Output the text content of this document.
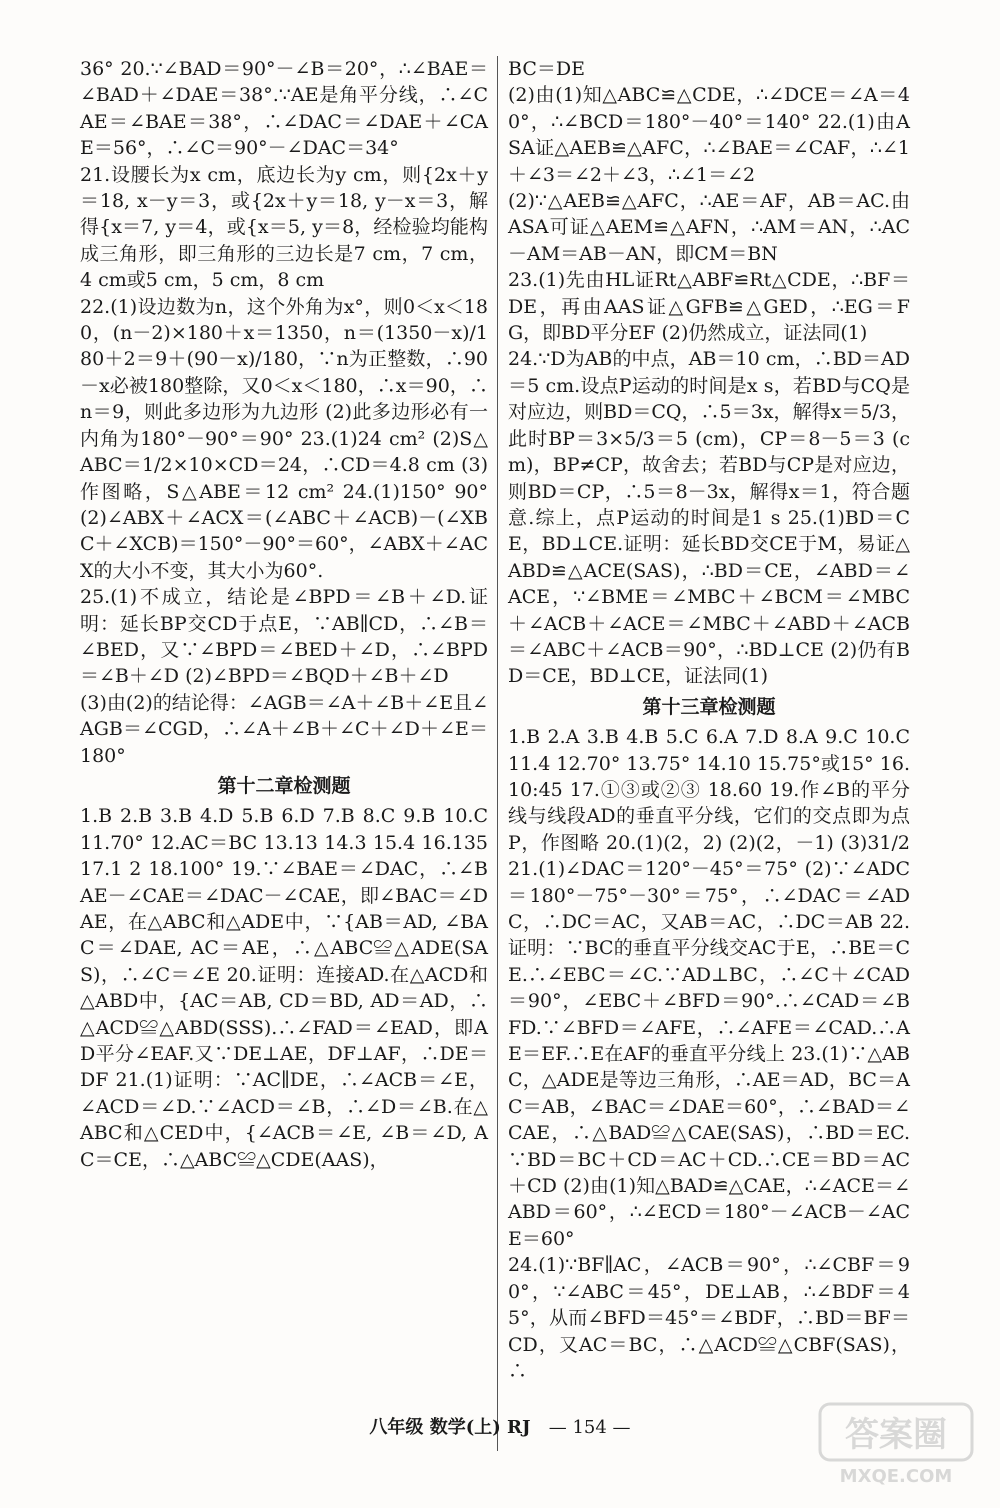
36° 20.∵∠BAD＝90°－∠B＝20°，∴∠BAE＝∠BAD＋∠DAE＝38°.∵AE是角平分线，∴∠CAE＝∠BAE＝38°，∴∠DAC＝∠DAE＋∠CAE＝56°，∴∠C＝90°－∠DAC＝34°
21.设腰长为x cm，底边长为y cm，则{2x＋y＝18, x－y＝3，或{2x＋y＝18, y－x＝3，解得{x＝7, y＝4，或{x＝5, y＝8，经检验均能构成三角形，即三角形的三边长是7 cm，7 cm，4 cm或5 cm，5 cm，8 cm
22.(1)设边数为n，这个外角为x°，则0＜x＜180，(n－2)×180＋x＝1350，n＝(1350－x)/180＋2＝9＋(90－x)/180，∵n为正整数，∴90－x必被180整除，又0＜x＜180，∴x＝90，∴n＝9，则此多边形为九边形 (2)此多边形必有一内角为180°－90°＝90° 23.(1)24 cm² (2)S△ABC＝1/2×10×CD＝24，∴CD＝4.8 cm (3)作图略，S△ABE＝12 cm² 24.(1)150° 90° (2)∠ABX＋∠ACX＝(∠ABC＋∠ACB)－(∠XBC＋∠XCB)＝150°－90°＝60°，∠ABX＋∠ACX的大小不变，其大小为60°.
25.(1)不成立，结论是∠BPD＝∠B＋∠D.证明：延长BP交CD于点E，∵AB∥CD，∴∠B＝∠BED，又∵∠BPD＝∠BED＋∠D，∴∠BPD＝∠B＋∠D (2)∠BPD＝∠BQD＋∠B＋∠D
(3)由(2)的结论得：∠AGB＝∠A＋∠B＋∠E且∠AGB＝∠CGD，∴∠A＋∠B＋∠C＋∠D＋∠E＝180°
第十二章检测题
1.B 2.B 3.B 4.D 5.B 6.D 7.B 8.C 9.B 10.C 11.70° 12.AC＝BC 13.13 14.3 15.4 16.135 17.1 2 18.100° 19.∵∠BAE＝∠DAC，∴∠BAE－∠CAE＝∠DAC－∠CAE，即∠BAC＝∠DAE，在△ABC和△ADE中，∵{AB＝AD, ∠BAC＝∠DAE, AC＝AE，∴△ABC≌△ADE(SAS)，∴∠C＝∠E 20.证明：连接AD.在△ACD和△ABD中，{AC＝AB, CD＝BD, AD＝AD，∴△ACD≌△ABD(SSS).∴∠FAD＝∠EAD，即AD平分∠EAF.又∵DE⊥AE，DF⊥AF，∴DE＝DF 21.(1)证明：∵AC∥DE，∴∠ACB＝∠E，∠ACD＝∠D.∵∠ACD＝∠B，∴∠D＝∠B.在△ABC和△CED中，{∠ACB＝∠E, ∠B＝∠D, AC＝CE，∴△ABC≌△CDE(AAS)，
BC＝DE
(2)由(1)知△ABC≌△CDE，∴∠DCE＝∠A＝40°，∴∠BCD＝180°－40°＝140° 22.(1)由ASA证△AEB≌△AFC，∴∠BAE＝∠CAF，∴∠1＋∠3＝∠2＋∠3，∴∠1＝∠2
(2)∵△AEB≌△AFC，∴AE＝AF，AB＝AC.由ASA可证△AEM≌△AFN，∴AM＝AN，∴AC－AM＝AB－AN，即CM＝BN
23.(1)先由HL证Rt△ABF≌Rt△CDE，∴BF＝DE，再由AAS证△GFB≌△GED，∴EG＝FG，即BD平分EF (2)仍然成立，证法同(1)
24.∵D为AB的中点，AB＝10 cm，∴BD＝AD＝5 cm.设点P运动的时间是x s，若BD与CQ是对应边，则BD＝CQ，∴5＝3x，解得x＝5/3，此时BP＝3×5/3＝5 (cm)，CP＝8－5＝3 (cm)，BP≠CP，故舍去；若BD与CP是对应边，则BD＝CP，∴5＝8－3x，解得x＝1，符合题意.综上，点P运动的时间是1 s 25.(1)BD＝CE，BD⊥CE.证明：延长BD交CE于M，易证△ABD≌△ACE(SAS)，∴BD＝CE，∠ABD＝∠ACE，∵∠BME＝∠MBC＋∠BCM＝∠MBC＋∠ACB＋∠ACE＝∠MBC＋∠ABD＋∠ACB＝∠ABC＋∠ACB＝90°，∴BD⊥CE (2)仍有BD＝CE，BD⊥CE，证法同(1)
第十三章检测题
1.B 2.A 3.B 4.B 5.C 6.A 7.D 8.A 9.C 10.C 11.4 12.70° 13.75° 14.10 15.75°或15° 16.10:45 17.①③或②③ 18.60 19.作∠B的平分线与线段AD的垂直平分线，它们的交点即为点P，作图略 20.(1)(2，2) (2)(2，－1) (3)31/2 21.(1)∠DAC＝120°－45°＝75° (2)∵∠ADC＝180°－75°－30°＝75°，∴∠DAC＝∠ADC，∴DC＝AC，又AB＝AC，∴DC＝AB 22.证明：∵BC的垂直平分线交AC于E，∴BE＝CE.∴∠EBC＝∠C.∵AD⊥BC，∴∠C＋∠CAD＝90°，∠EBC＋∠BFD＝90°.∴∠CAD＝∠BFD.∵∠BFD＝∠AFE，∴∠AFE＝∠CAD.∴AE＝EF.∴E在AF的垂直平分线上 23.(1)∵△ABC，△ADE是等边三角形，∴AE＝AD，BC＝AC＝AB，∠BAC＝∠DAE＝60°，∴∠BAD＝∠CAE，∴△BAD≌△CAE(SAS)，∴BD＝EC.∵BD＝BC＋CD＝AC＋CD.∴CE＝BD＝AC＋CD (2)由(1)知△BAD≌△CAE，∴∠ACE＝∠ABD＝60°，∴∠ECD＝180°－∠ACB－∠ACE＝60°
24.(1)∵BF∥AC，∠ACB＝90°，∴∠CBF＝90°，∵∠ABC＝45°，DE⊥AB，∴∠BDF＝45°，从而∠BFD＝45°＝∠BDF，∴BD＝BF＝CD，又AC＝BC，∴△ACD≌△CBF(SAS)，∴
八年级 数学(上) RJ — 154 —	答案圈
MXQE.COM
